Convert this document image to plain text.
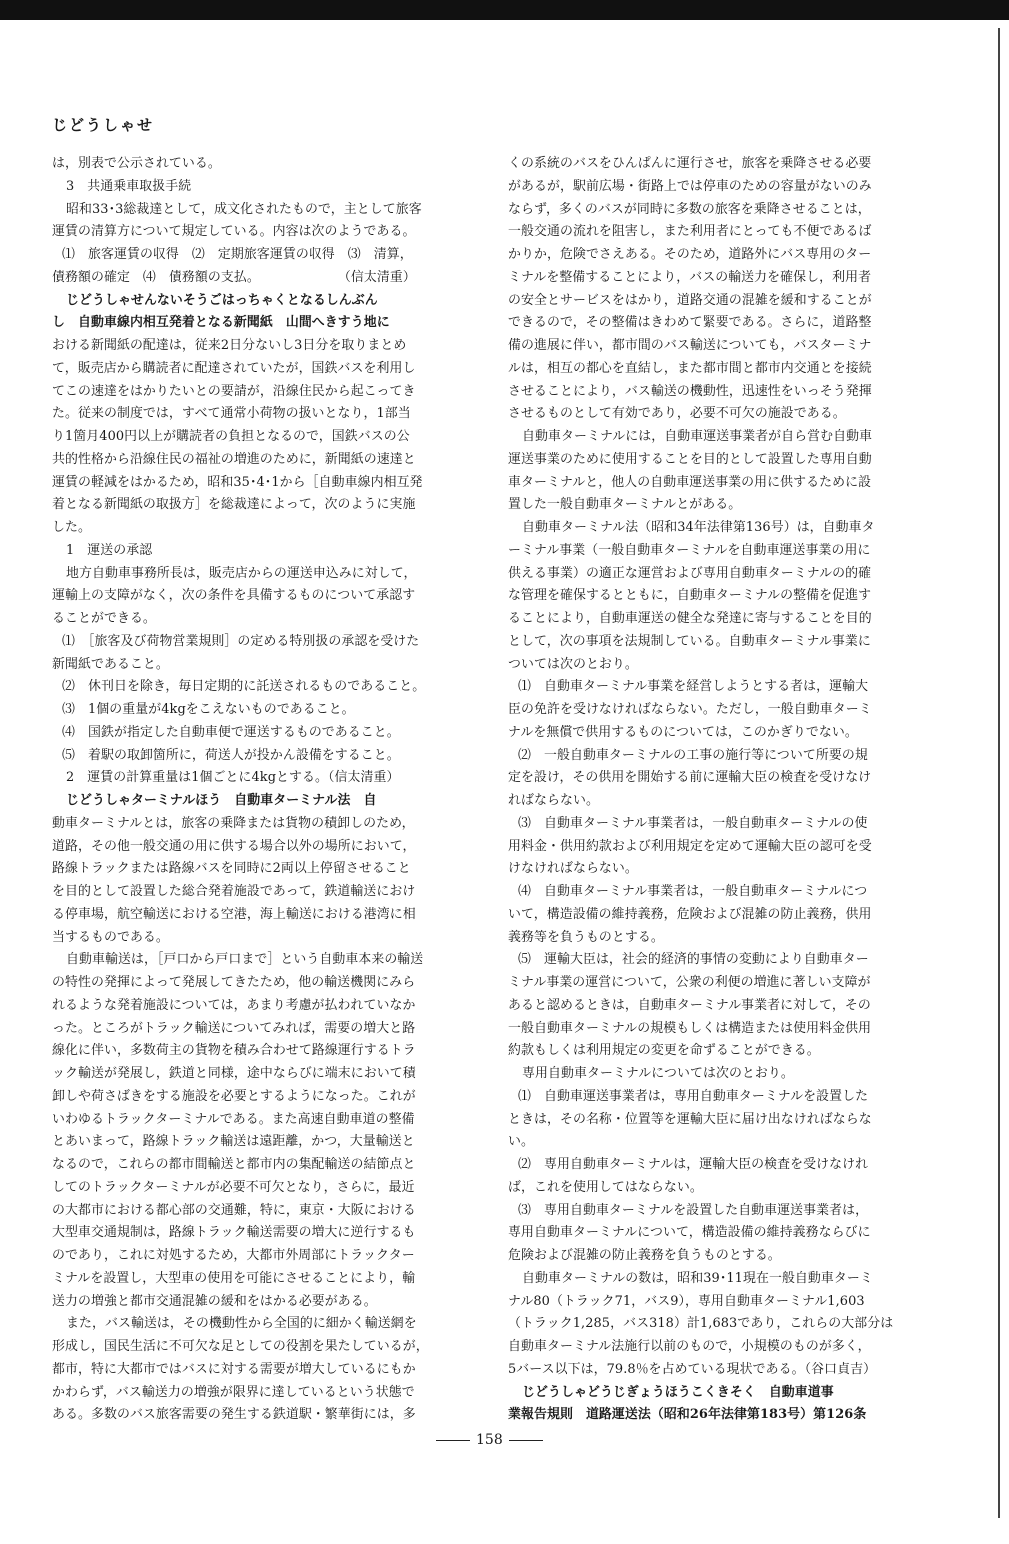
じどうしゃせ

は，別表で公示されている。

3　共通乗車取扱手続

昭和33･3総裁達として，成文化されたもので，主として旅客

運賃の清算方について規定している。内容は次のようである。

⑴　旅客運賃の収得　⑵　定期旅客運賃の収得　⑶　清算，

債務額の確定　⑷　債務額の支払。　　　　　　　（信太清重）

じどうしゃせんないそうごはっちゃくとなるしんぶん

し　自動車線内相互発着となる新聞紙　山間へきすう地に

おける新聞紙の配達は，従来2日分ないし3日分を取りまとめ

て，販売店から購読者に配達されていたが，国鉄バスを利用し

てこの速達をはかりたいとの要請が，沿線住民から起こってき

た。従来の制度では，すべて通常小荷物の扱いとなり，1部当

り1箇月400円以上が購読者の負担となるので，国鉄バスの公

共的性格から沿線住民の福祉の増進のために，新聞紙の速達と

運賃の軽減をはかるため，昭和35･4･1から［自動車線内相互発

着となる新聞紙の取扱方］を総裁達によって，次のように実施

した。

1　運送の承認

地方自動車事務所長は，販売店からの運送申込みに対して，

運輸上の支障がなく，次の条件を具備するものについて承認す

ることができる。

⑴　［旅客及び荷物営業規則］の定める特別扱の承認を受けた

新聞紙であること。

⑵　休刊日を除き，毎日定期的に託送されるものであること。

⑶　1個の重量が4kgをこえないものであること。

⑷　国鉄が指定した自動車便で運送するものであること。

⑸　着駅の取卸箇所に，荷送人が投かん設備をすること。

2　運賃の計算重量は1個ごとに4kgとする。（信太清重）

じどうしゃターミナルほう　自動車ターミナル法　自

動車ターミナルとは，旅客の乗降または貨物の積卸しのため，

道路，その他一般交通の用に供する場合以外の場所において，

路線トラックまたは路線バスを同時に2両以上停留させること

を目的として設置した総合発着施設であって，鉄道輸送におけ

る停車場，航空輸送における空港，海上輸送における港湾に相

当するものである。

自動車輸送は，［戸口から戸口まで］という自動車本来の輸送

の特性の発揮によって発展してきたため，他の輸送機関にみら

れるような発着施設については，あまり考慮が払われていなか

った。ところがトラック輸送についてみれば，需要の増大と路

線化に伴い，多数荷主の貨物を積み合わせて路線運行するトラ

ック輸送が発展し，鉄道と同様，途中ならびに端末において積

卸しや荷さばきをする施設を必要とするようになった。これが

いわゆるトラックターミナルである。また高速自動車道の整備

とあいまって，路線トラック輸送は遠距離，かつ，大量輸送と

なるので，これらの都市間輸送と都市内の集配輸送の結節点と

してのトラックターミナルが必要不可欠となり，さらに，最近

の大都市における都心部の交通難，特に，東京・大阪における

大型車交通規制は，路線トラック輸送需要の増大に逆行するも

のであり，これに対処するため，大都市外周部にトラックター

ミナルを設置し，大型車の使用を可能にさせることにより，輸

送力の増強と都市交通混雑の緩和をはかる必要がある。

また，バス輸送は，その機動性から全国的に細かく輸送網を

形成し，国民生活に不可欠な足としての役割を果たしているが，

都市，特に大都市ではバスに対する需要が増大しているにもか

かわらず，バス輸送力の増強が限界に達しているという状態で

ある。多数のバス旅客需要の発生する鉄道駅・繁華街には，多

くの系統のバスをひんぱんに運行させ，旅客を乗降させる必要

があるが，駅前広場・街路上では停車のための容量がないのみ

ならず，多くのバスが同時に多数の旅客を乗降させることは，

一般交通の流れを阻害し，また利用者にとっても不便であるば

かりか，危険でさえある。そのため，道路外にバス専用のター

ミナルを整備することにより，バスの輸送力を確保し，利用者

の安全とサービスをはかり，道路交通の混雑を緩和することが

できるので，その整備はきわめて緊要である。さらに，道路整

備の進展に伴い，都市間のバス輸送についても，バスターミナ

ルは，相互の都心を直結し，また都市間と都市内交通とを接続

させることにより，バス輸送の機動性，迅速性をいっそう発揮

させるものとして有効であり，必要不可欠の施設である。

自動車ターミナルには，自動車運送事業者が自ら営む自動車

運送事業のために使用することを目的として設置した専用自動

車ターミナルと，他人の自動車運送事業の用に供するために設

置した一般自動車ターミナルとがある。

自動車ターミナル法（昭和34年法律第136号）は，自動車タ

ーミナル事業（一般自動車ターミナルを自動車運送事業の用に

供える事業）の適正な運営および専用自動車ターミナルの的確

な管理を確保するとともに，自動車ターミナルの整備を促進す

ることにより，自動車運送の健全な発達に寄与することを目的

として，次の事項を法規制している。自動車ターミナル事業に

ついては次のとおり。

⑴　自動車ターミナル事業を経営しようとする者は，運輸大

臣の免許を受けなければならない。ただし，一般自動車ターミ

ナルを無償で供用するものについては，このかぎりでない。

⑵　一般自動車ターミナルの工事の施行等について所要の規

定を設け，その供用を開始する前に運輸大臣の検査を受けなけ

ればならない。

⑶　自動車ターミナル事業者は，一般自動車ターミナルの使

用料金・供用約款および利用規定を定めて運輸大臣の認可を受

けなければならない。

⑷　自動車ターミナル事業者は，一般自動車ターミナルにつ

いて，構造設備の維持義務，危険および混雑の防止義務，供用

義務等を負うものとする。

⑸　運輸大臣は，社会的経済的事情の変動により自動車ター

ミナル事業の運営について，公衆の利便の増進に著しい支障が

あると認めるときは，自動車ターミナル事業者に対して，その

一般自動車ターミナルの規模もしくは構造または使用料金供用

約款もしくは利用規定の変更を命ずることができる。

専用自動車ターミナルについては次のとおり。

⑴　自動車運送事業者は，専用自動車ターミナルを設置した

ときは，その名称・位置等を運輸大臣に届け出なければならな

い。

⑵　専用自動車ターミナルは，運輸大臣の検査を受けなけれ

ば，これを使用してはならない。

⑶　専用自動車ターミナルを設置した自動車運送事業者は，

専用自動車ターミナルについて，構造設備の維持義務ならびに

危険および混雑の防止義務を負うものとする。

自動車ターミナルの数は，昭和39･11現在一般自動車ターミ

ナル80（トラック71，バス9），専用自動車ターミナル1,603

（トラック1,285，バス318）計1,683であり，これらの大部分は

自動車ターミナル法施行以前のもので，小規模のものが多く，

5バース以下は，79.8％を占めている現状である。（谷口貞吉）

じどうしゃどうじぎょうほうこくきそく　自動車道事

業報告規則　道路運送法（昭和26年法律第183号）第126条

158
